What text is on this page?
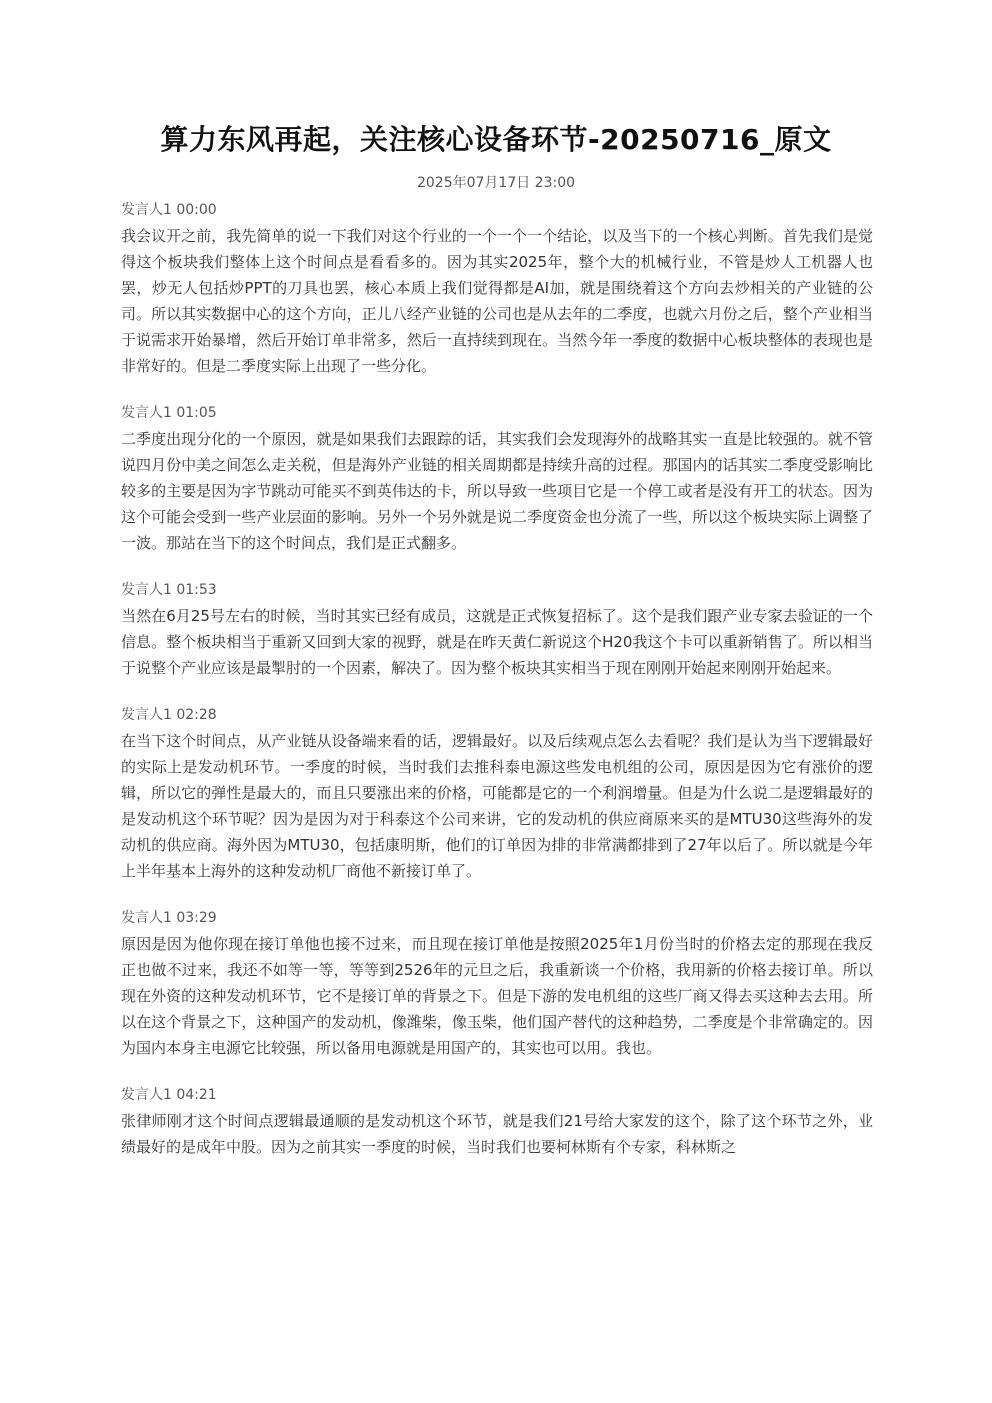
算力东风再起，关注核心设备环节-20250716_原文
2025年07月17日 23:00
发言人1 00:00

我会议开之前，我先简单的说一下我们对这个行业的一个一个一个结论，以及当下的一个核心判断。首先我们是觉得这个板块我们整体上这个时间点是看看多的。因为其实2025年，整个大的机械行业，不管是炒人工机器人也罢，炒无人包括炒PPT的刀具也罢，核心本质上我们觉得都是AI加，就是围绕着这个方向去炒相关的产业链的公司。所以其实数据中心的这个方向，正儿八经产业链的公司也是从去年的二季度，也就六月份之后，整个产业相当于说需求开始暴增，然后开始订单非常多，然后一直持续到现在。当然今年一季度的数据中心板块整体的表现也是非常好的。但是二季度实际上出现了一些分化。

发言人1 01:05

二季度出现分化的一个原因，就是如果我们去跟踪的话，其实我们会发现海外的战略其实一直是比较强的。就不管说四月份中美之间怎么走关税，但是海外产业链的相关周期都是持续升高的过程。那国内的话其实二季度受影响比较多的主要是因为字节跳动可能买不到英伟达的卡，所以导致一些项目它是一个停工或者是没有开工的状态。因为这个可能会受到一些产业层面的影响。另外一个另外就是说二季度资金也分流了一些，所以这个板块实际上调整了一波。那站在当下的这个时间点，我们是正式翻多。

发言人1 01:53

当然在6月25号左右的时候，当时其实已经有成员，这就是正式恢复招标了。这个是我们跟产业专家去验证的一个信息。整个板块相当于重新又回到大家的视野，就是在昨天黄仁新说这个H20我这个卡可以重新销售了。所以相当于说整个产业应该是最掣肘的一个因素，解决了。因为整个板块其实相当于现在刚刚开始起来刚刚开始起来。

发言人1 02:28

在当下这个时间点，从产业链从设备端来看的话，逻辑最好。以及后续观点怎么去看呢？我们是认为当下逻辑最好的实际上是发动机环节。一季度的时候，当时我们去推科泰电源这些发电机组的公司，原因是因为它有涨价的逻辑，所以它的弹性是最大的，而且只要涨出来的价格，可能都是它的一个利润增量。但是为什么说二是逻辑最好的是发动机这个环节呢？因为是因为对于科泰这个公司来讲，它的发动机的供应商原来买的是MTU30这些海外的发动机的供应商。海外因为MTU30，包括康明斯，他们的订单因为排的非常满都排到了27年以后了。所以就是今年上半年基本上海外的这种发动机厂商他不新接订单了。

发言人1 03:29

原因是因为他你现在接订单他也接不过来，而且现在接订单他是按照2025年1月份当时的价格去定的那现在我反正也做不过来，我还不如等一等，等等到2526年的元旦之后，我重新谈一个价格，我用新的价格去接订单。所以现在外资的这种发动机环节，它不是接订单的背景之下。但是下游的发电机组的这些厂商又得去买这种去去用。所以在这个背景之下，这种国产的发动机，像潍柴，像玉柴，他们国产替代的这种趋势，二季度是个非常确定的。因为国内本身主电源它比较强，所以备用电源就是用国产的，其实也可以用。我也。

发言人1 04:21

张律师刚才这个时间点逻辑最通顺的是发动机这个环节，就是我们21号给大家发的这个，除了这个环节之外，业绩最好的是成年中股。因为之前其实一季度的时候，当时我们也要柯林斯有个专家，科林斯之
